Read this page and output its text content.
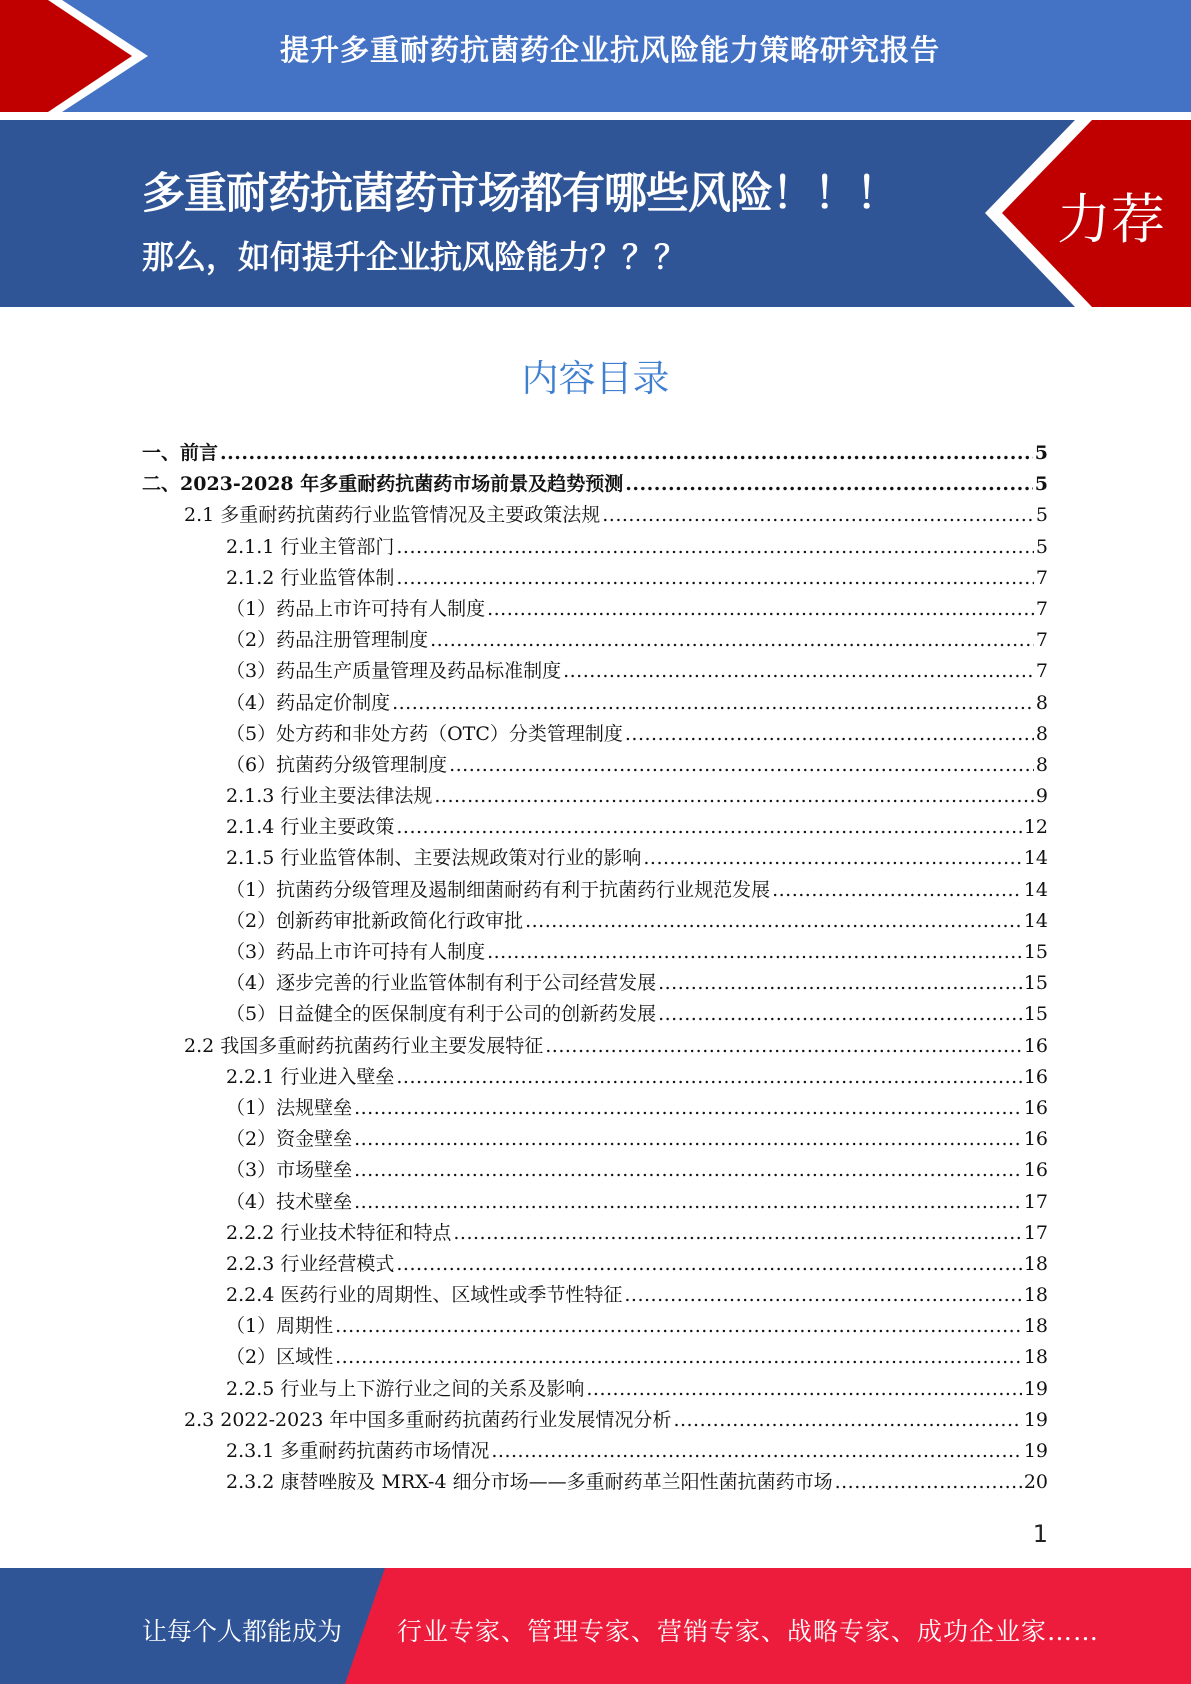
提升多重耐药抗菌药企业抗风险能力策略研究报告
多重耐药抗菌药市场都有哪些风险！！！
那么，如何提升企业抗风险能力？？？
力荐
内容目录
一、前言 .....	5
二、2023-2028 年多重耐药抗菌药市场前景及趋势预测 .....	5
2.1 多重耐药抗菌药行业监管情况及主要政策法规 .....	5
2.1.1 行业主管部门 .....	5
2.1.2 行业监管体制 .....	7
（1）药品上市许可持有人制度 .....	7
（2）药品注册管理制度 .....	7
（3）药品生产质量管理及药品标准制度 .....	7
（4）药品定价制度 .....	8
（5）处方药和非处方药（OTC）分类管理制度 .....	8
（6）抗菌药分级管理制度 .....	8
2.1.3 行业主要法律法规 .....	9
2.1.4 行业主要政策 .....	12
2.1.5 行业监管体制、主要法规政策对行业的影响 .....	14
（1）抗菌药分级管理及遏制细菌耐药有利于抗菌药行业规范发展 .....	14
（2）创新药审批新政简化行政审批 .....	14
（3）药品上市许可持有人制度 .....	15
（4）逐步完善的行业监管体制有利于公司经营发展 .....	15
（5）日益健全的医保制度有利于公司的创新药发展 .....	15
2.2 我国多重耐药抗菌药行业主要发展特征 .....	16
2.2.1 行业进入壁垒 .....	16
（1）法规壁垒 .....	16
（2）资金壁垒 .....	16
（3）市场壁垒 .....	16
（4）技术壁垒 .....	17
2.2.2 行业技术特征和特点 .....	17
2.2.3 行业经营模式 .....	18
2.2.4 医药行业的周期性、区域性或季节性特征 .....	18
（1）周期性 .....	18
（2）区域性 .....	18
2.2.5 行业与上下游行业之间的关系及影响 .....	19
2.3 2022-2023 年中国多重耐药抗菌药行业发展情况分析 .....	19
2.3.1 多重耐药抗菌药市场情况 .....	19
2.3.2 康替唑胺及 MRX-4 细分市场——多重耐药革兰阳性菌抗菌药市场 .....	20
1
让每个人都能成为 行业专家、管理专家、营销专家、战略专家、成功企业家……
